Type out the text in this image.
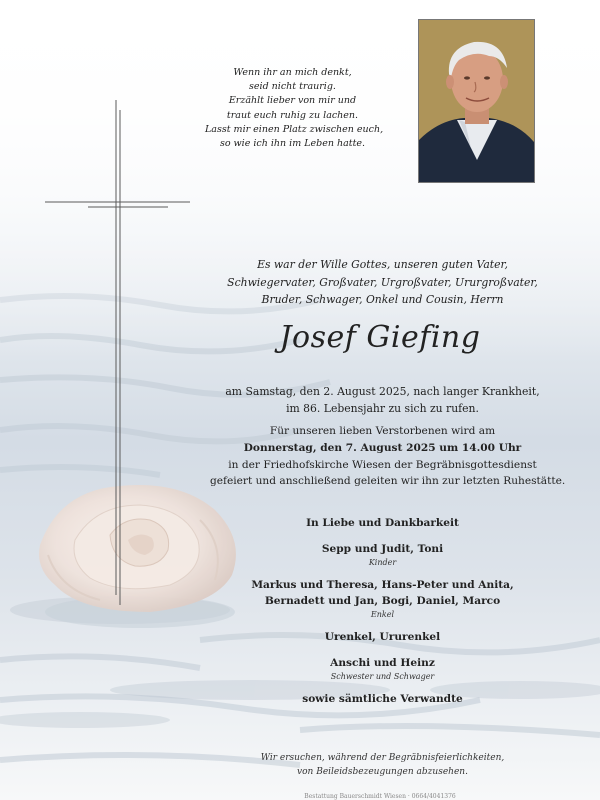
Wenn ihr an mich denkt,
seid nicht traurig.
Erzählt lieber von mir und
traut euch ruhig zu lachen.
Lasst mir einen Platz zwischen euch,
so wie ich ihn im Leben hatte.
Es war der Wille Gottes, unseren guten Vater,
Schwiegervater, Großvater, Urgroßvater, Ururgroßvater,
Bruder, Schwager, Onkel und Cousin, Herrn
Josef Giefing
am Samstag, den 2. August 2025, nach langer Krankheit,
im 86. Lebensjahr zu sich zu rufen.
Für unseren lieben Verstorbenen wird am
Donnerstag, den 7. August 2025 um 14.00 Uhr
in der Friedhofskirche Wiesen der Begräbnisgottesdienst
gefeiert und anschließend geleiten wir ihn zur letzten Ruhestätte.
In Liebe und Dankbarkeit
Sepp und Judit, Toni
Kinder
Markus und Theresa, Hans-Peter und Anita,
Bernadett und Jan, Bogi, Daniel, Marco
Enkel
Urenkel, Ururenkel
Anschi und Heinz
Schwester und Schwager
sowie sämtliche Verwandte
Wir ersuchen, während der Begräbnisfeierlichkeiten,
von Beileidsbezeugungen abzusehen.
Bestattung Bauerschmidt Wiesen · 0664/4041376
